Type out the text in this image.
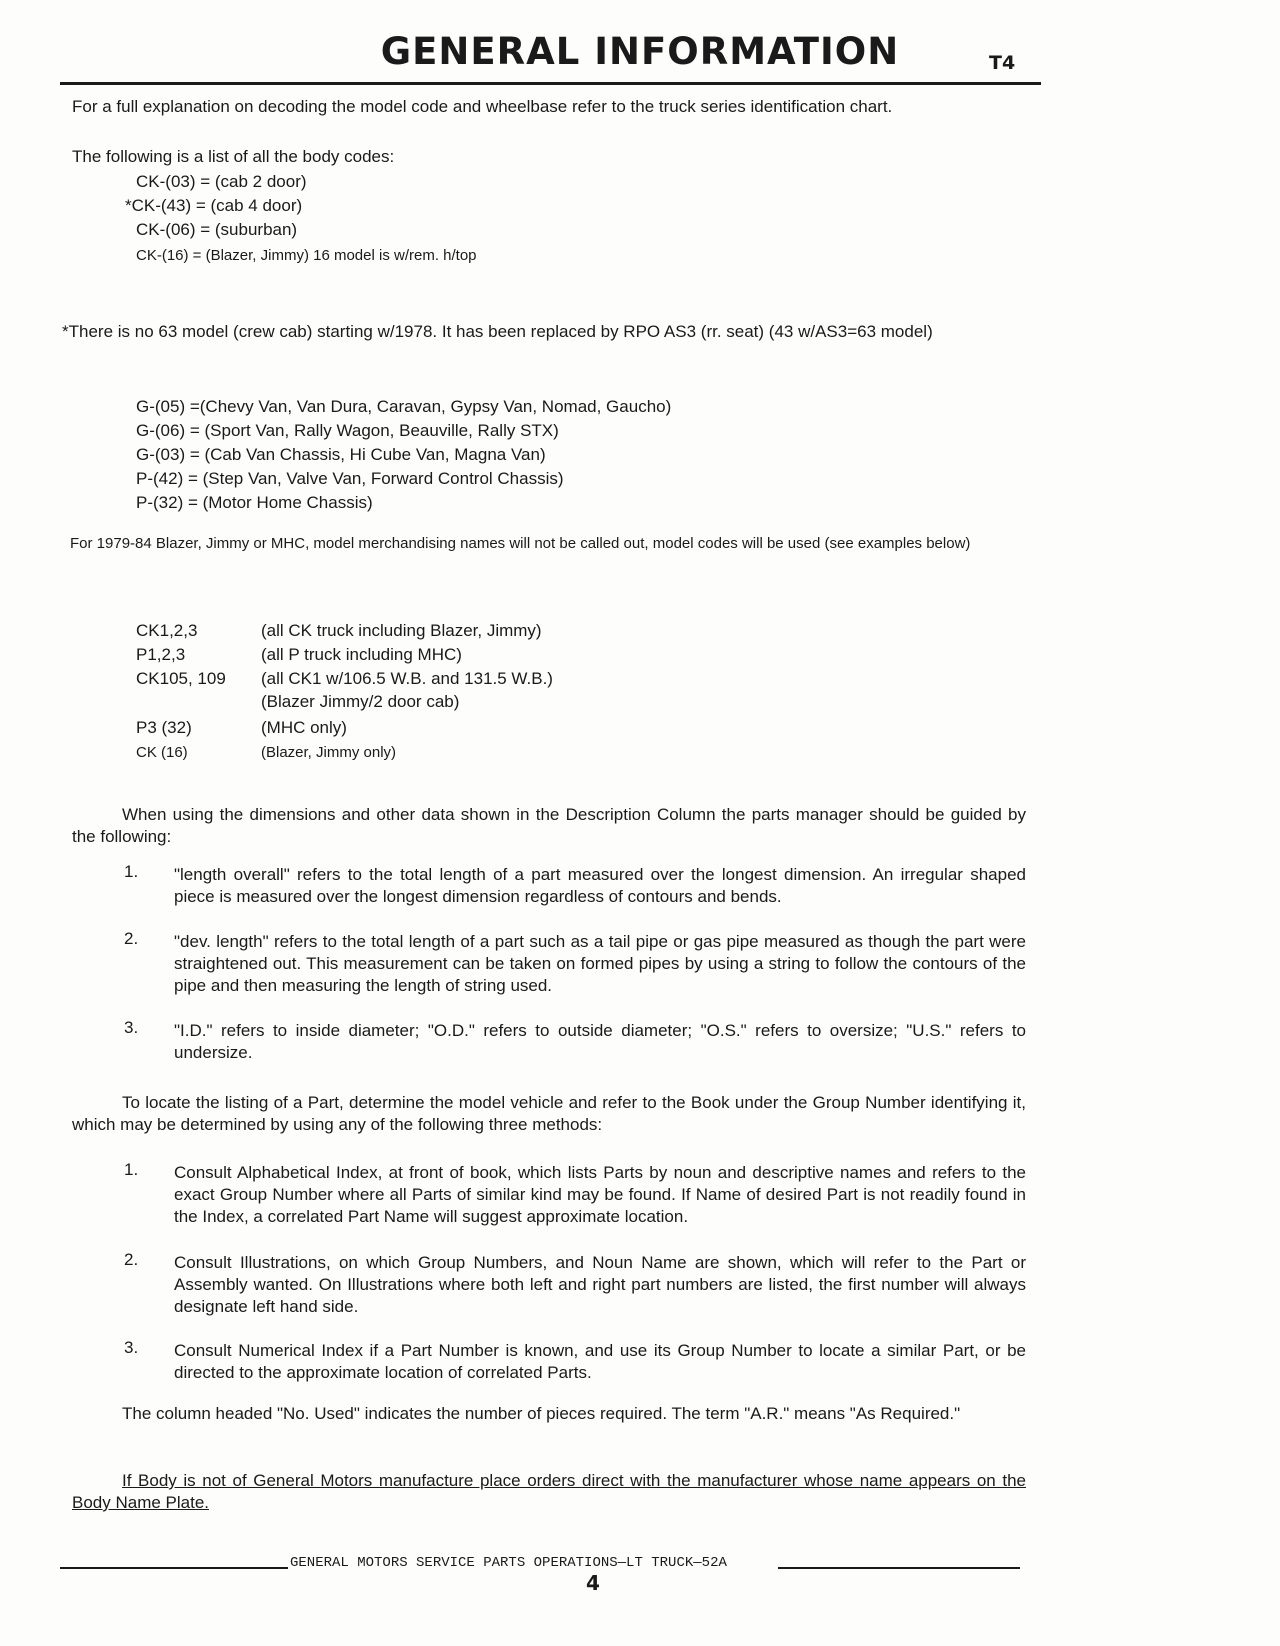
GENERAL INFORMATION	T4
For a full explanation on decoding the model code and wheelbase refer to the truck series identification chart.
The following is a list of all the body codes:
CK-(03) = (cab 2 door)
*CK-(43) = (cab 4 door)
CK-(06) = (suburban)
CK-(16) = (Blazer, Jimmy) 16 model is w/rem. h/top
*There is no 63 model (crew cab) starting w/1978. It has been replaced by RPO AS3 (rr. seat) (43 w/AS3=63 model)
G-(05) =(Chevy Van, Van Dura, Caravan, Gypsy Van, Nomad, Gaucho)
G-(06) = (Sport Van, Rally Wagon, Beauville, Rally STX)
G-(03) = (Cab Van Chassis, Hi Cube Van, Magna Van)
P-(42) = (Step Van, Valve Van, Forward Control Chassis)
P-(32) = (Motor Home Chassis)
For 1979-84 Blazer, Jimmy or MHC, model merchandising names will not be called out, model codes will be used (see examples below)
CK1,2,3	(all CK truck including Blazer, Jimmy)
P1,2,3	(all P truck including MHC)
CK105, 109 (all CK1 w/106.5 W.B. and 131.5 W.B.)
(Blazer Jimmy/2 door cab)
P3 (32)	(MHC only)
CK (16)	(Blazer, Jimmy only)
When using the dimensions and other data shown in the Description Column the parts manager should be guided by the following:
1. "length overall" refers to the total length of a part measured over the longest dimension. An irregular shaped piece is measured over the longest dimension regardless of contours and bends.
2. "dev. length" refers to the total length of a part such as a tail pipe or gas pipe measured as though the part were straightened out. This measurement can be taken on formed pipes by using a string to follow the contours of the pipe and then measuring the length of string used.
3. "I.D." refers to inside diameter; "O.D." refers to outside diameter; "O.S." refers to oversize; "U.S." refers to undersize.
To locate the listing of a Part, determine the model vehicle and refer to the Book under the Group Number identifying it, which may be determined by using any of the following three methods:
1. Consult Alphabetical Index, at front of book, which lists Parts by noun and descriptive names and refers to the exact Group Number where all Parts of similar kind may be found. If Name of desired Part is not readily found in the Index, a correlated Part Name will suggest approximate location.
2. Consult Illustrations, on which Group Numbers, and Noun Name are shown, which will refer to the Part or Assembly wanted. On Illustrations where both left and right part numbers are listed, the first number will always designate left hand side.
3. Consult Numerical Index if a Part Number is known, and use its Group Number to locate a similar Part, or be directed to the approximate location of correlated Parts.
The column headed "No. Used" indicates the number of pieces required. The term "A.R." means "As Required."
If Body is not of General Motors manufacture place orders direct with the manufacturer whose name appears on the Body Name Plate.
GENERAL MOTORS SERVICE PARTS OPERATIONS—LT TRUCK—52A
4
